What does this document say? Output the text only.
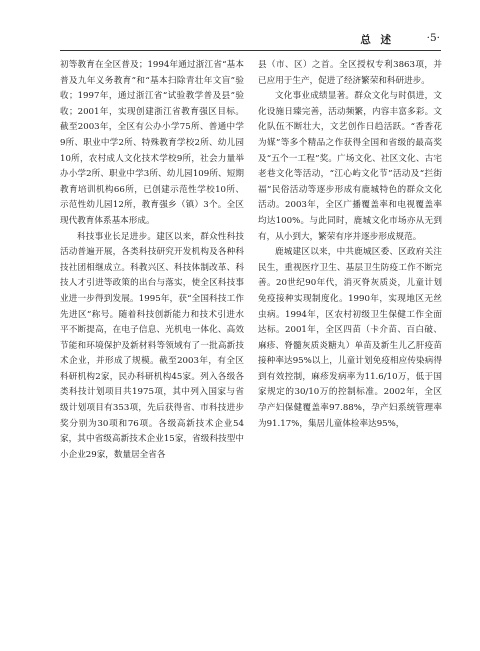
总 述	·5·

初等教育在全区普及；1994年通过浙江省“基本普及九年义务教育”和“基本扫除青壮年文盲”验收；1997年，通过浙江省“试验教学普及县”验收；2001年，实现创建浙江省教育强区目标。截至2003年，全区有公办小学75所、普通中学9所、职业中学2所、特殊教育学校2所、幼儿园10所，农村成人文化技术学校9所，社会力量举办小学2所、职业中学3所、幼儿园109所、短期教育培训机构66所，已创建示范性学校10所、示范性幼儿园12所，教育强乡（镇）3个。全区现代教育体系基本形成。

科技事业长足进步。建区以来，群众性科技活动普遍开展，各类科技研究开发机构及各种科技社团相继成立。科教兴区、科技体制改革、科技人才引进等政策的出台与落实，使全区科技事业进一步得到发展。1995年，获“全国科技工作先进区”称号。随着科技创新能力和技术引进水平不断提高，在电子信息、光机电一体化、高效节能和环境保护及新材料等领域有了一批高新技术企业，并形成了规模。截至2003年，有全区科研机构2家，民办科研机构45家。列入各级各类科技计划项目共1975项，其中列入国家与省级计划项目有353项，先后获得省、市科技进步奖分别为30项和76项。各级高新技术企业54家，其中省级高新技术企业15家，省级科技型中小企业29家，数量居全省各

县（市、区）之首。全区授权专利3863项，并已应用于生产，促进了经济繁荣和科研进步。

文化事业成绩显著。群众文化与时俱进，文化设施日臻完善，活动频繁，内容丰富多彩。文化队伍不断壮大，文艺创作日趋活跃。“香香花为媒”等多个精品之作获得全国和省级的最高奖及“五个一工程”奖。广场文化、社区文化、古宅老巷文化等活动，“江心屿文化节”活动及“拦街福”民俗活动等逐步形成有鹿城特色的群众文化活动。2003年，全区广播覆盖率和电视覆盖率均达100%。与此同时，鹿城文化市场亦从无到有，从小到大，繁荣有序并逐步形成规范。

鹿城建区以来，中共鹿城区委、区政府关注民生，重视医疗卫生、基层卫生防疫工作不断完善。20世纪90年代，消灭脊灰质炎，儿童计划免疫接种实现制度化。1990年，实现地区无丝虫病。1994年，区农村初级卫生保健工作全面达标。2001年，全区四苗（卡介苗、百白破、麻疹、脊髓灰质炎糖丸）单苗及新生儿乙肝疫苗接种率达95%以上，儿童计划免疫相应传染病得到有效控制，麻疹发病率为11.6/10万，低于国家规定的30/10万的控制标准。2002年，全区孕产妇保健覆盖率97.88%，孕产妇系统管理率为91.17%，集居儿童体检率达95%，
